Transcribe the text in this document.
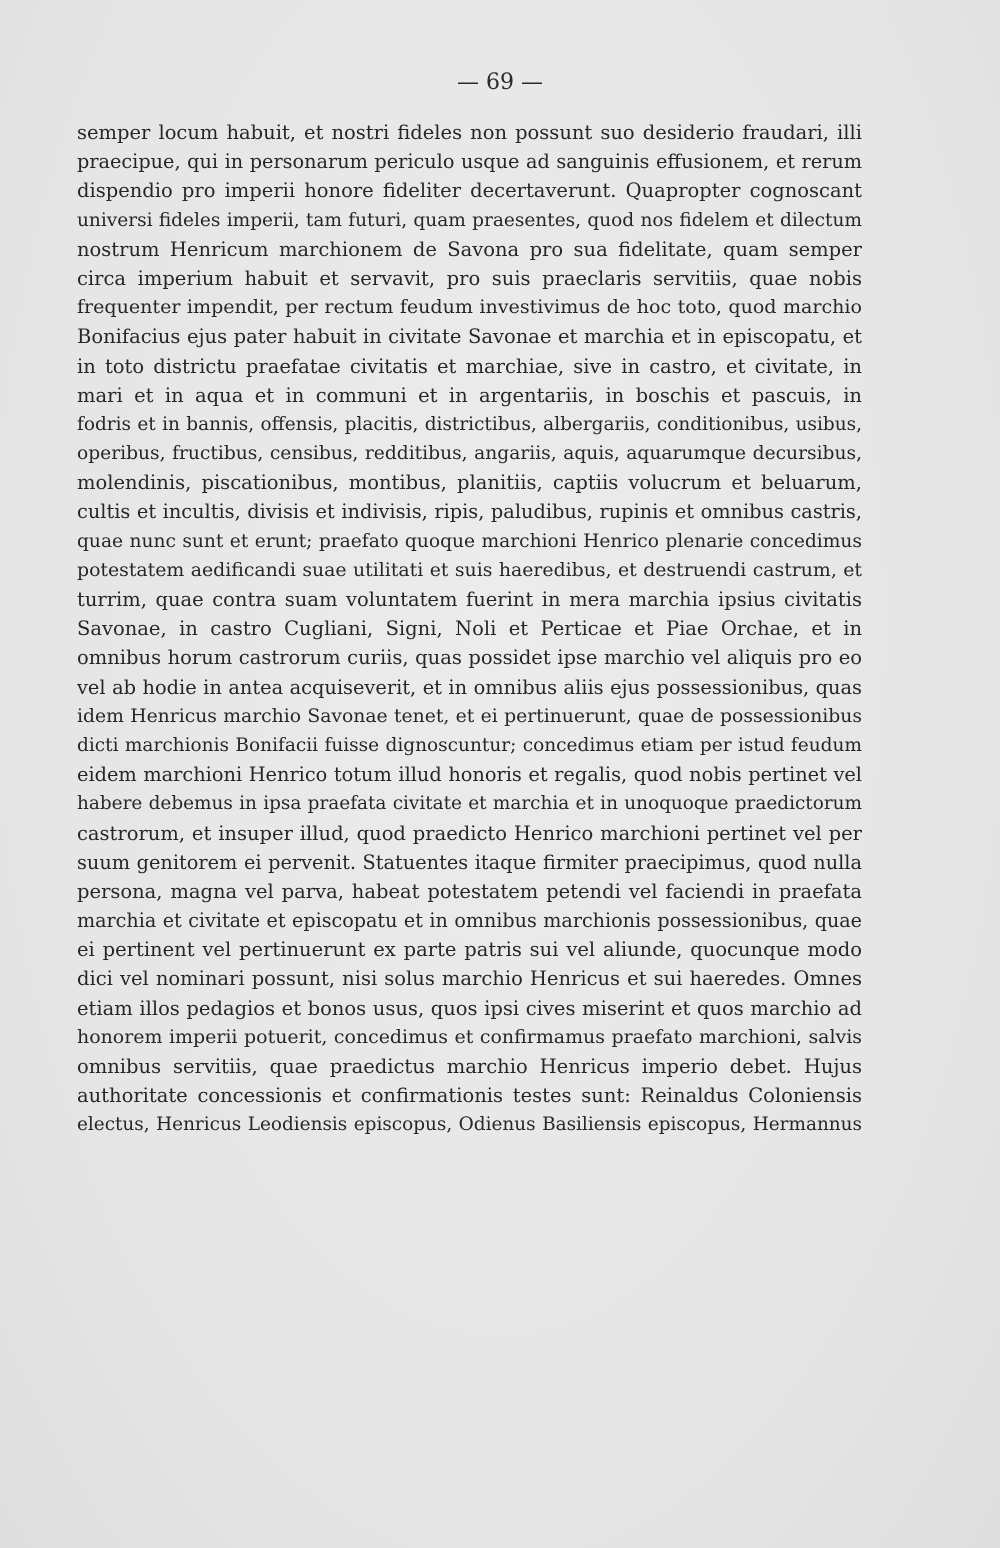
— 69 —
semper locum habuit, et nostri fideles non possunt suo desiderio fraudari, illi
praecipue, qui in personarum periculo usque ad sanguinis effusionem, et rerum
dispendio pro imperii honore fideliter decertaverunt. Quapropter cognoscant
universi fideles imperii, tam futuri, quam praesentes, quod nos fidelem et dilectum
nostrum Henricum marchionem de Savona pro sua fidelitate, quam semper
circa imperium habuit et servavit, pro suis praeclaris servitiis, quae nobis
frequenter impendit, per rectum feudum investivimus de hoc toto, quod marchio
Bonifacius ejus pater habuit in civitate Savonae et marchia et in episcopatu, et
in toto districtu praefatae civitatis et marchiae, sive in castro, et civitate, in
mari et in aqua et in communi et in argentariis, in boschis et pascuis, in
fodris et in bannis, offensis, placitis, districtibus, albergariis, conditionibus, usibus,
operibus, fructibus, censibus, redditibus, angariis, aquis, aquarumque decursibus,
molendinis, piscationibus, montibus, planitiis, captiis volucrum et beluarum,
cultis et incultis, divisis et indivisis, ripis, paludibus, rupinis et omnibus castris,
quae nunc sunt et erunt; praefato quoque marchioni Henrico plenarie concedimus
potestatem aedificandi suae utilitati et suis haeredibus, et destruendi castrum, et
turrim, quae contra suam voluntatem fuerint in mera marchia ipsius civitatis
Savonae, in castro Cugliani, Signi, Noli et Perticae et Piae Orchae, et in
omnibus horum castrorum curiis, quas possidet ipse marchio vel aliquis pro eo
vel ab hodie in antea acquiseverit, et in omnibus aliis ejus possessionibus, quas
idem Henricus marchio Savonae tenet, et ei pertinuerunt, quae de possessionibus
dicti marchionis Bonifacii fuisse dignoscuntur; concedimus etiam per istud feudum
eidem marchioni Henrico totum illud honoris et regalis, quod nobis pertinet vel
habere debemus in ipsa praefata civitate et marchia et in unoquoque praedictorum
castrorum, et insuper illud, quod praedicto Henrico marchioni pertinet vel per
suum genitorem ei pervenit. Statuentes itaque firmiter praecipimus, quod nulla
persona, magna vel parva, habeat potestatem petendi vel faciendi in praefata
marchia et civitate et episcopatu et in omnibus marchionis possessionibus, quae
ei pertinent vel pertinuerunt ex parte patris sui vel aliunde, quocunque modo
dici vel nominari possunt, nisi solus marchio Henricus et sui haeredes. Omnes
etiam illos pedagios et bonos usus, quos ipsi cives miserint et quos marchio ad
honorem imperii potuerit, concedimus et confirmamus praefato marchioni, salvis
omnibus servitiis, quae praedictus marchio Henricus imperio debet. Hujus
authoritate concessionis et confirmationis testes sunt: Reinaldus Coloniensis
electus, Henricus Leodiensis episcopus, Odienus Basiliensis episcopus, Hermannus
